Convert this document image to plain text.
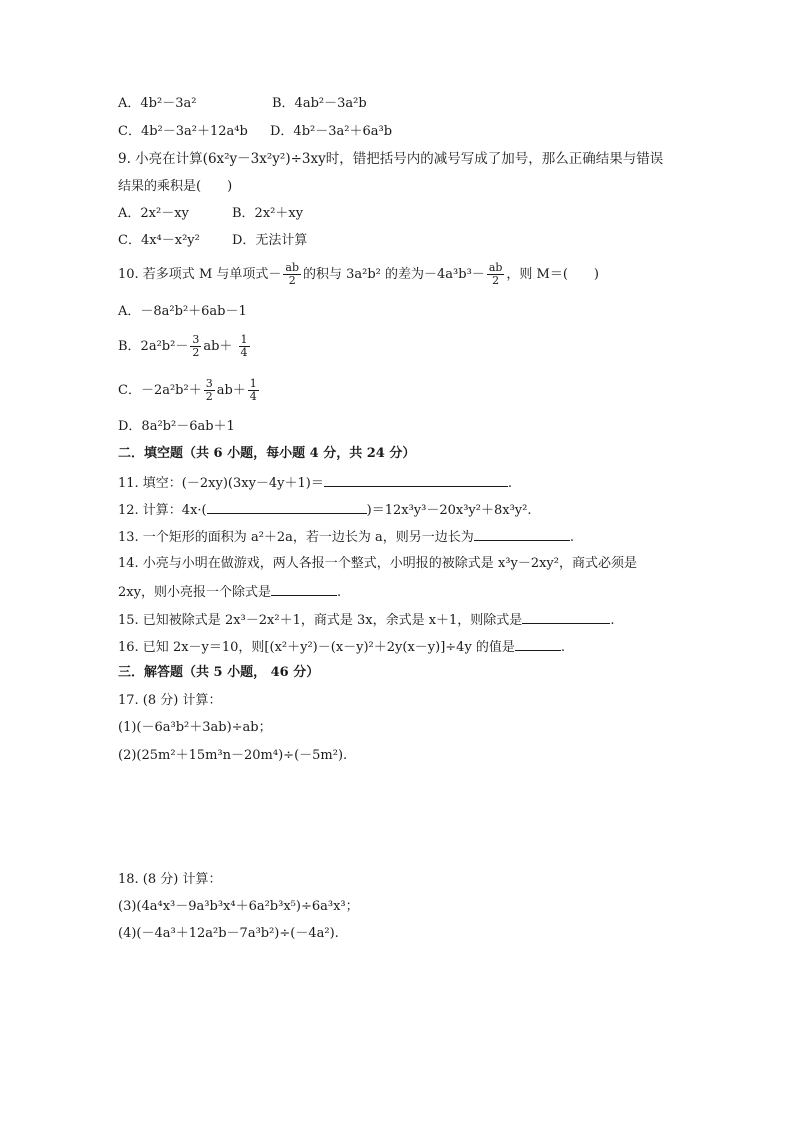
A．4b²－3a²	B．4ab²－3a²b
C．4b²－3a²＋12a⁴b D．4b²－3a²＋6a³b
9. 小亮在计算(6x²y－3x²y²)÷3xy时，错把括号内的减号写成了加号，那么正确结果与错误
结果的乘积是(　　)
A．2x²－xy	B．2x²＋xy
C．4x⁴－x²y² D．无法计算
10. 若多项式 M 与单项式－ $\frac{ab}{2}$ 的积与 3a²b² 的差为$-4a^3b^3- \frac{ab}{2}$ ，则 M＝(　　)
A．－8a²b²＋6ab－1
B．$2a^2b^2- \frac{3}{2} ab+ \frac{1}{4}$
C．$-2a^2b^2+ \frac{3}{2} ab+ \frac{1}{4}$
D．8a²b²－6ab＋1
二．填空题（共 6 小题，每小题 4 分，共 24 分）
11. 填空：(－2xy)(3xy－4y＋1)＝	.
12. 计算：4x·(	)＝12x³y³－20x³y²＋8x³y².
13. 一个矩形的面积为 a²＋2a，若一边长为 a，则另一边长为	.
14. 小亮与小明在做游戏，两人各报一个整式，小明报的被除式是 x³y－2xy²，商式必须是
2xy，则小亮报一个除式是	.
15. 已知被除式是 2x³－2x²＋1，商式是 3x，余式是 x＋1，则除式是	.
16. 已知 2x－y＝10，则[(x²＋y²)－(x－y)²＋2y(x－y)]÷4y 的值是	.
三．解答题（共 5 小题， 46 分）
17. (8 分) 计算：
(1)(－6a³b²＋3ab)÷ab；
(2)(25m²＋15m³n－20m⁴)÷(－5m²).
18. (8 分) 计算：
(3)(4a⁴x³－9a³b³x⁴＋6a²b³x⁵)÷6a³x³；
(4)(－4a³＋12a²b－7a³b²)÷(－4a²).
